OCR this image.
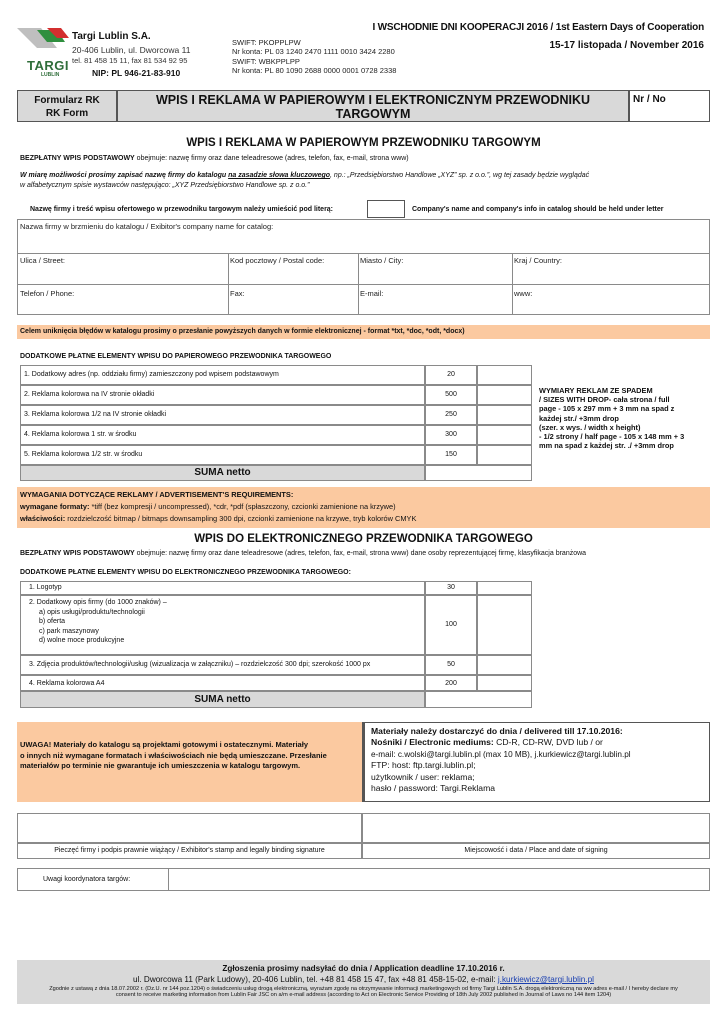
TARGI
LUBLIN
Targi Lublin S.A.
20-406 Lublin, ul. Dworcowa 11
tel. 81 458 15 11, fax 81 534 92 95
NIP: PL 946-21-83-910
SWIFT: PKOPPLPW
Nr konta: PL 03 1240 2470 1111 0010 3424 2280
SWIFT: WBKPPLPP
Nr konta: PL 80 1090 2688 0000 0001 0728 2338
I WSCHODNIE DNI KOOPERACJI 2016 / 1st Eastern Days of Cooperation
15-17 listopada / November 2016
Formularz RK
RK Form
WPIS I REKLAMA W PAPIEROWYM I ELEKTRONICZNYM PRZEWODNIKU
TARGOWYM
Nr / No
WPIS I REKLAMA W PAPIEROWYM PRZEWODNIKU TARGOWYM
BEZPŁATNY WPIS PODSTAWOWY obejmuje: nazwę firmy oraz dane teleadresowe (adres, telefon, fax, e-mail, strona www)
W miarę możliwości prosimy zapisać nazwę firmy do katalogu na zasadzie słowa kluczowego, np.: „Przedsiębiorstwo Handlowe „XYZ” sp. z o.o.”, wg tej zasady będzie wyglądać
w alfabetycznym spisie wystawców następująco: „XYZ Przedsiębiorstwo Handlowe sp. z o.o.”
Nazwę firmy i treść wpisu ofertowego w przewodniku targowym należy umieścić pod literą:	Company's name and company's info in catalog should be held under letter
Nazwa firmy w brzmieniu do katalogu / Exibitor's company name for catalog:
Ulica / Street:	Kod pocztowy / Postal code:	Miasto / City:	Kraj / Country:
Telefon / Phone:	Fax:	E-mail:	www:
Celem uniknięcia błędów w katalogu prosimy o przesłanie powyższych danych w formie elektronicznej - format *txt, *doc, *odt, *docx)
DODATKOWE PŁATNE ELEMENTY WPISU DO PAPIEROWEGO PRZEWODNIKA TARGOWEGO
1. Dodatkowy adres (np. oddziału firmy) zamieszczony pod wpisem podstawowym	20
2. Reklama kolorowa na IV stronie okładki	500
3. Reklama kolorowa 1/2 na IV stronie okładki	250
4. Reklama kolorowa 1 str. w środku	300
5. Reklama kolorowa 1/2 str. w środku	150
SUMA netto
WYMIARY REKLAM ZE SPADEM
/ SIZES WITH DROP- cała strona / full
page - 105 x 297 mm + 3 mm na spad z
każdej str./ +3mm drop
(szer. x wys. / width x height)
- 1/2 strony / half page - 105 x 148 mm + 3
mm na spad z każdej str. ./ +3mm drop
WYMAGANIA DOTYCZĄCE REKLAMY / ADVERTISEMENT'S REQUIREMENTS:
wymagane formaty: *tiff (bez kompresji / uncompressed), *cdr, *pdf (spłaszczony, czcionki zamienione na krzywe)
właściwości: rozdzielczość bitmap / bitmaps downsampling 300 dpi, czcionki zamienione na krzywe, tryb kolorów CMYK
WPIS DO ELEKTRONICZNEGO PRZEWODNIKA TARGOWEGO
BEZPŁATNY WPIS PODSTAWOWY obejmuje: nazwę firmy oraz dane teleadresowe (adres, telefon, fax, e-mail, strona www) dane osoby reprezentującej firmę, klasyfikacja branżowa
DODATKOWE PŁATNE ELEMENTY WPISU DO ELEKTRONICZNEGO PRZEWODNIKA TARGOWEGO:
1. Logotyp	30
2. Dodatkowy opis firmy (do 1000 znaków) –
a) opis usługi/produktu/technologii
b) oferta
c) park maszynowy
d) wolne moce produkcyjne
100
3. Zdjęcia produktów/technologii/usług (wizualizacja w załączniku) – rozdzielczość 300 dpi; szerokość 1000 px	50
4. Reklama kolorowa A4	200
SUMA netto
UWAGA! Materiały do katalogu są projektami gotowymi i ostatecznymi. Materiały
o innych niż wymagane formatach i właściwościach nie będą umieszczane. Przesłanie
materiałów po terminie nie gwarantuje ich umieszczenia w katalogu targowym.
Materiały należy dostarczyć do dnia / delivered till 17.10.2016:
Nośniki / Electronic mediums: CD-R, CD-RW, DVD lub / or
e-mail: c.wolski@targi.lublin.pl (max 10 MB), j.kurkiewicz@targi.lublin.pl
FTP: host: ftp.targi.lublin.pl;
użytkownik / user: reklama;
hasło / password: Targi.Reklama
Pieczęć firmy i podpis prawnie wiążący / Exhibitor's stamp and legally binding signature	Miejscowość i data / Place and date of signing
Uwagi koordynatora targów:
Zgłoszenia prosimy nadsyłać do dnia / Application deadline 17.10.2016 r.
ul. Dworcowa 11 (Park Ludowy), 20-406 Lublin, tel. +48 81 458 15 47, fax +48 81 458-15-02, e-mail: j.kurkiewicz@targi.lublin.pl
Zgodnie z ustawą z dnia 18.07.2002 r. (Dz.U. nr 144 poz.1204) o świadczeniu usług drogą elektroniczną, wyrażam zgodę na otrzymywanie informacji marketingowych od firmy Targi Lublin S.A. drogą elektroniczną na ww adres e-mail / I hereby declare my
consent to receive marketing information from Lublin Fair JSC on a/m e-mail address (according to Act on Electronic Service Providing of 18th July 2002 published in Journal of Laws no 144 item 1204)
